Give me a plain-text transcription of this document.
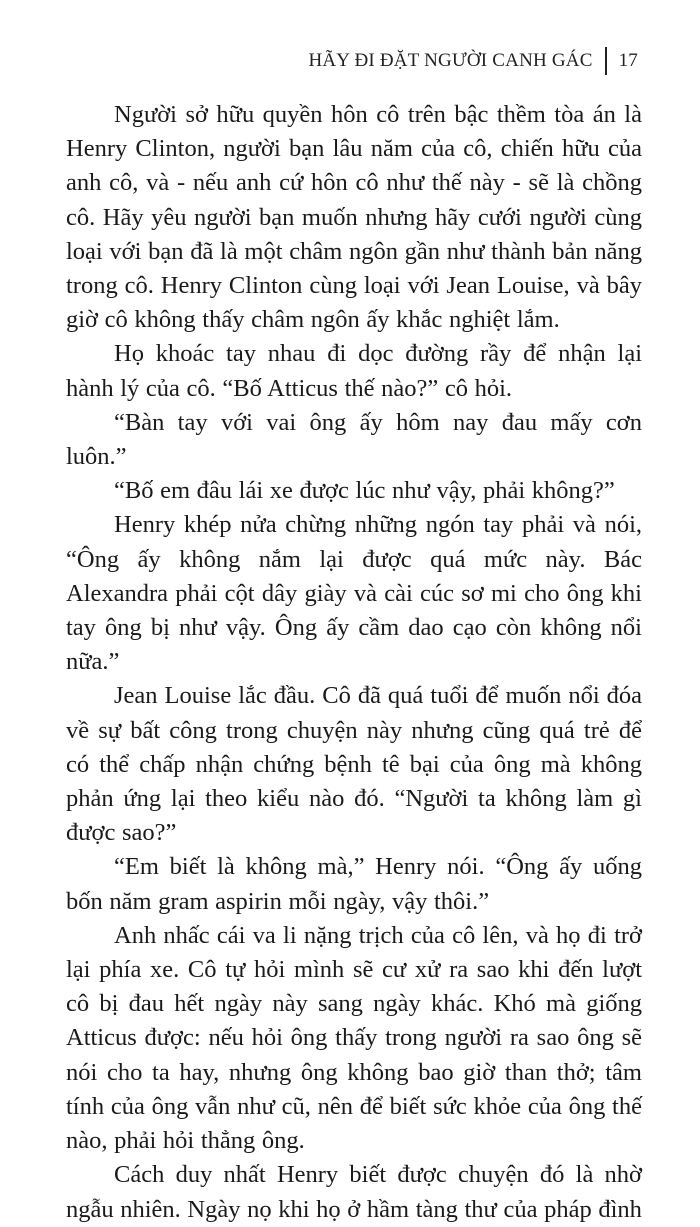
HÃY ĐI ĐẶT NGƯỜI CANH GÁC 17

Người sở hữu quyền hôn cô trên bậc thềm tòa án là Henry Clinton, người bạn lâu năm của cô, chiến hữu của anh cô, và - nếu anh cứ hôn cô như thế này - sẽ là chồng cô. Hãy yêu người bạn muốn nhưng hãy cưới người cùng loại với bạn đã là một châm ngôn gần như thành bản năng trong cô. Henry Clinton cùng loại với Jean Louise, và bây giờ cô không thấy châm ngôn ấy khắc nghiệt lắm.

Họ khoác tay nhau đi dọc đường rầy để nhận lại hành lý của cô. “Bố Atticus thế nào?” cô hỏi.

“Bàn tay với vai ông ấy hôm nay đau mấy cơn luôn.”

“Bố em đâu lái xe được lúc như vậy, phải không?”

Henry khép nửa chừng những ngón tay phải và nói, “Ông ấy không nắm lại được quá mức này. Bác Alexandra phải cột dây giày và cài cúc sơ mi cho ông khi tay ông bị như vậy. Ông ấy cầm dao cạo còn không nổi nữa.”

Jean Louise lắc đầu. Cô đã quá tuổi để muốn nổi đóa về sự bất công trong chuyện này nhưng cũng quá trẻ để có thể chấp nhận chứng bệnh tê bại của ông mà không phản ứng lại theo kiểu nào đó. “Người ta không làm gì được sao?”

“Em biết là không mà,” Henry nói. “Ông ấy uống bốn năm gram aspirin mỗi ngày, vậy thôi.”

Anh nhấc cái va li nặng trịch của cô lên, và họ đi trở lại phía xe. Cô tự hỏi mình sẽ cư xử ra sao khi đến lượt cô bị đau hết ngày này sang ngày khác. Khó mà giống Atticus được: nếu hỏi ông thấy trong người ra sao ông sẽ nói cho ta hay, nhưng ông không bao giờ than thở; tâm tính của ông vẫn như cũ, nên để biết sức khỏe của ông thế nào, phải hỏi thẳng ông.

Cách duy nhất Henry biết được chuyện đó là nhờ ngẫu nhiên. Ngày nọ khi họ ở hầm tàng thư của pháp đình
